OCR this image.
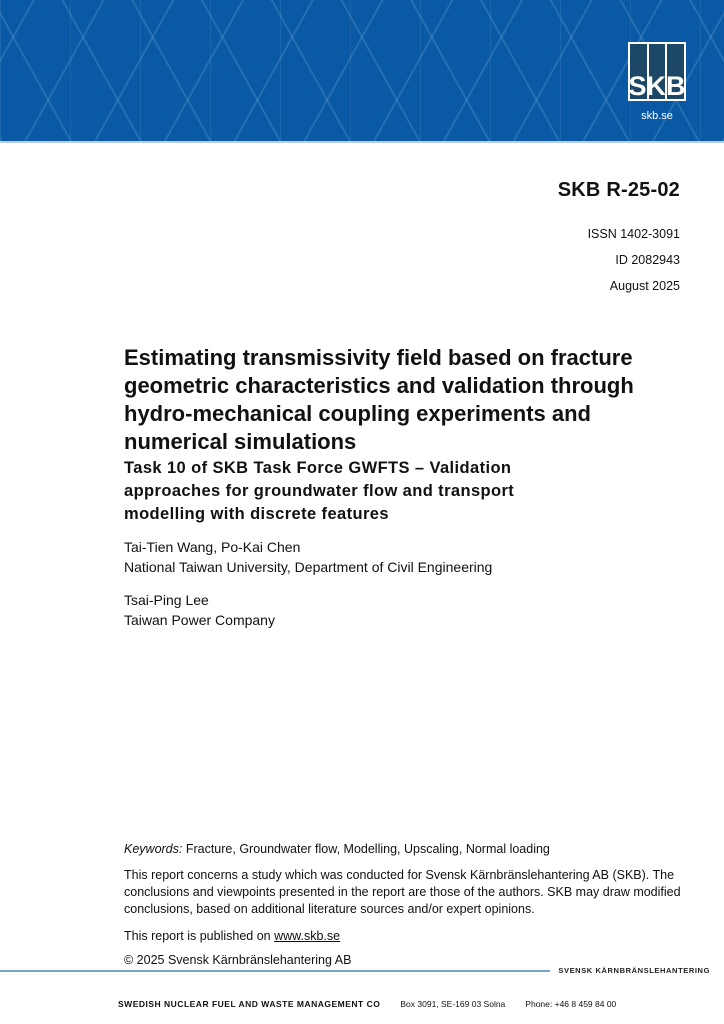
SKB
skb.se
SKB R-25-02
ISSN 1402-3091
ID 2082943
August 2025
Estimating transmissivity field based on fracture geometric characteristics and validation through hydro-mechanical coupling experiments and numerical simulations
Task 10 of SKB Task Force GWFTS – Validation approaches for groundwater flow and transport modelling with discrete features
Tai-Tien Wang, Po-Kai Chen
National Taiwan University, Department of Civil Engineering
Tsai-Ping Lee
Taiwan Power Company
Keywords: Fracture, Groundwater flow, Modelling, Upscaling, Normal loading
This report concerns a study which was conducted for Svensk Kärnbränslehantering AB (SKB). The conclusions and viewpoints presented in the report are those of the authors. SKB may draw modified conclusions, based on additional literature sources and/or expert opinions.
This report is published on www.skb.se
© 2025 Svensk Kärnbränslehantering AB
SVENSK KÄRNBRÄNSLEHANTERING
SWEDISH NUCLEAR FUEL AND WASTE MANAGEMENT CO Box 3091, SE-169 03 Solna Phone: +46 8 459 84 00
